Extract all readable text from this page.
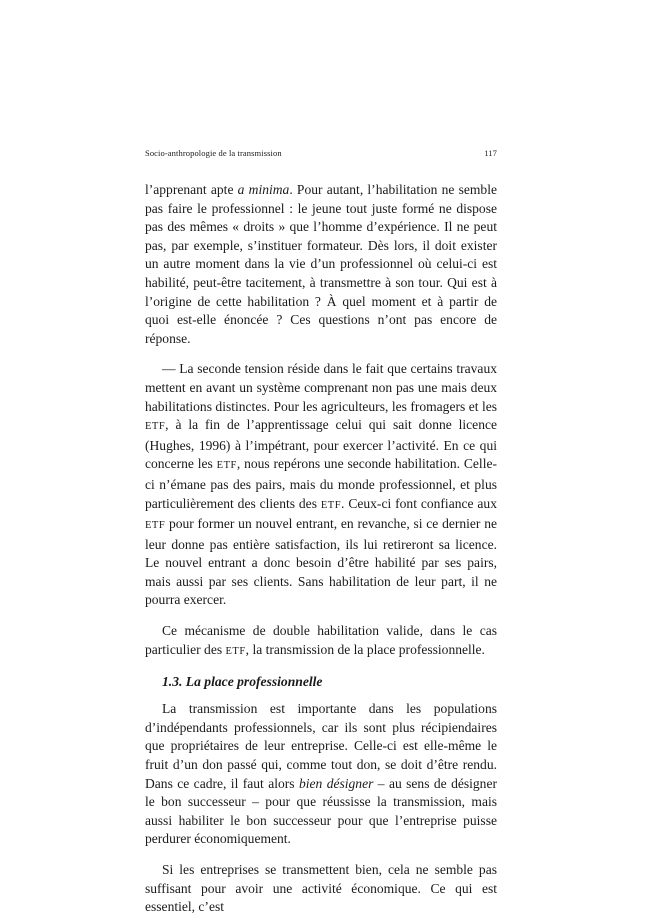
Socio-anthropologie de la transmission	117

l’apprenant apte a minima. Pour autant, l’habilitation ne semble pas faire le professionnel : le jeune tout juste formé ne dispose pas des mêmes « droits » que l’homme d’expérience. Il ne peut pas, par exemple, s’instituer formateur. Dès lors, il doit exister un autre moment dans la vie d’un professionnel où celui-ci est habilité, peut-être tacitement, à transmettre à son tour. Qui est à l’origine de cette habilitation ? À quel moment et à partir de quoi est-elle énoncée ? Ces questions n’ont pas encore de réponse.

— La seconde tension réside dans le fait que certains travaux mettent en avant un système comprenant non pas une mais deux habilitations distinctes. Pour les agriculteurs, les fromagers et les ETF, à la fin de l’apprentissage celui qui sait donne licence (Hughes, 1996) à l’impétrant, pour exercer l’activité. En ce qui concerne les ETF, nous repérons une seconde habilitation. Celle-ci n’émane pas des pairs, mais du monde professionnel, et plus particulièrement des clients des ETF. Ceux-ci font confiance aux ETF pour former un nouvel entrant, en revanche, si ce dernier ne leur donne pas entière satisfaction, ils lui retireront sa licence. Le nouvel entrant a donc besoin d’être habilité par ses pairs, mais aussi par ses clients. Sans habilitation de leur part, il ne pourra exercer.

Ce mécanisme de double habilitation valide, dans le cas particulier des ETF, la transmission de la place professionnelle.

1.3. La place professionnelle

La transmission est importante dans les populations d’indépendants professionnels, car ils sont plus récipiendaires que propriétaires de leur entreprise. Celle-ci est elle-même le fruit d’un don passé qui, comme tout don, se doit d’être rendu. Dans ce cadre, il faut alors bien désigner – au sens de désigner le bon successeur – pour que réussisse la transmission, mais aussi habiliter le bon successeur pour que l’entreprise puisse perdurer économiquement.

Si les entreprises se transmettent bien, cela ne semble pas suffisant pour avoir une activité économique. Ce qui est essentiel, c’est
